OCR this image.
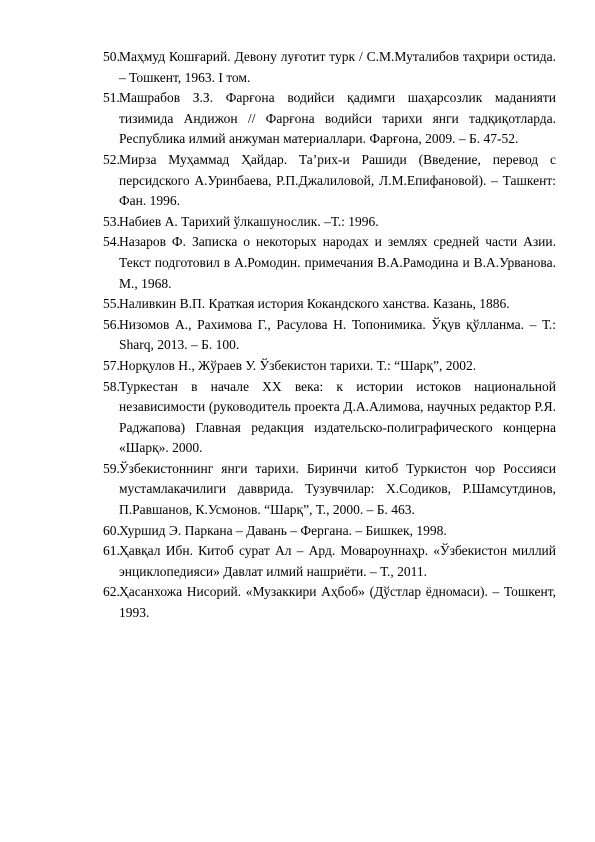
50. Маҳмуд Кошғарий. Девону луғотит турк / С.М.Муталибов таҳрири остида. – Тошкент, 1963. I том.
51. Машрабов З.З. Фарғона водийси қадимги шаҳарсозлик маданияти тизимида Андижон // Фарғона водийси тарихи янги тадқиқотларда. Республика илмий анжуман материаллари. Фарғона, 2009. – Б. 47-52.
52. Мирза Муҳаммад Ҳайдар. Та’рих-и Рашиди (Введение, перевод с персидского А.Уринбаева, Р.П.Джалиловой, Л.М.Епифановой). – Ташкент: Фан. 1996.
53. Набиев А. Тарихий ўлкашунослик. –Т.: 1996.
54. Назаров Ф. Записка о некоторых народах и землях средней части Азии. Текст подготовил в А.Ромодин. примечания В.А.Рамодина и В.А.Урванова. М., 1968.
55. Наливкин В.П. Краткая история Кокандского ханства. Казань, 1886.
56. Низомов А., Рахимова Г., Расулова Н. Топонимика. Ўқув қўлланма. – Т.: Sharq, 2013. – Б. 100.
57. Норқулов Н., Жўраев У. Ўзбекистон тарихи. Т.: “Шарқ”, 2002.
58. Туркестан в начале ХХ века: к истории истоков национальной независимости (руководитель проекта Д.А.Алимова, научных редактор Р.Я. Раджапова) Главная редакция издательско-полиграфического концерна «Шарқ». 2000.
59. Ўзбекистоннинг янги тарихи. Биринчи китоб Туркистон чор Россияси мустамлакачилиги давврида. Тузувчилар: Х.Содиков, Р.Шамсутдинов, П.Равшанов, К.Усмонов. “Шарқ”, Т., 2000. – Б. 463.
60. Хуршид Э. Паркана – Давань – Фергана. – Бишкек, 1998.
61. Ҳавқал Ибн. Китоб сурат Ал – Ард. Мовароуннаҳр. «Ўзбекистон миллий энциклопедияси» Давлат илмий нашриёти. – Т., 2011.
62. Ҳасанхожа Нисорий. «Музаккири Аҳбоб» (Дўстлар ёдномаси). – Тошкент, 1993.
